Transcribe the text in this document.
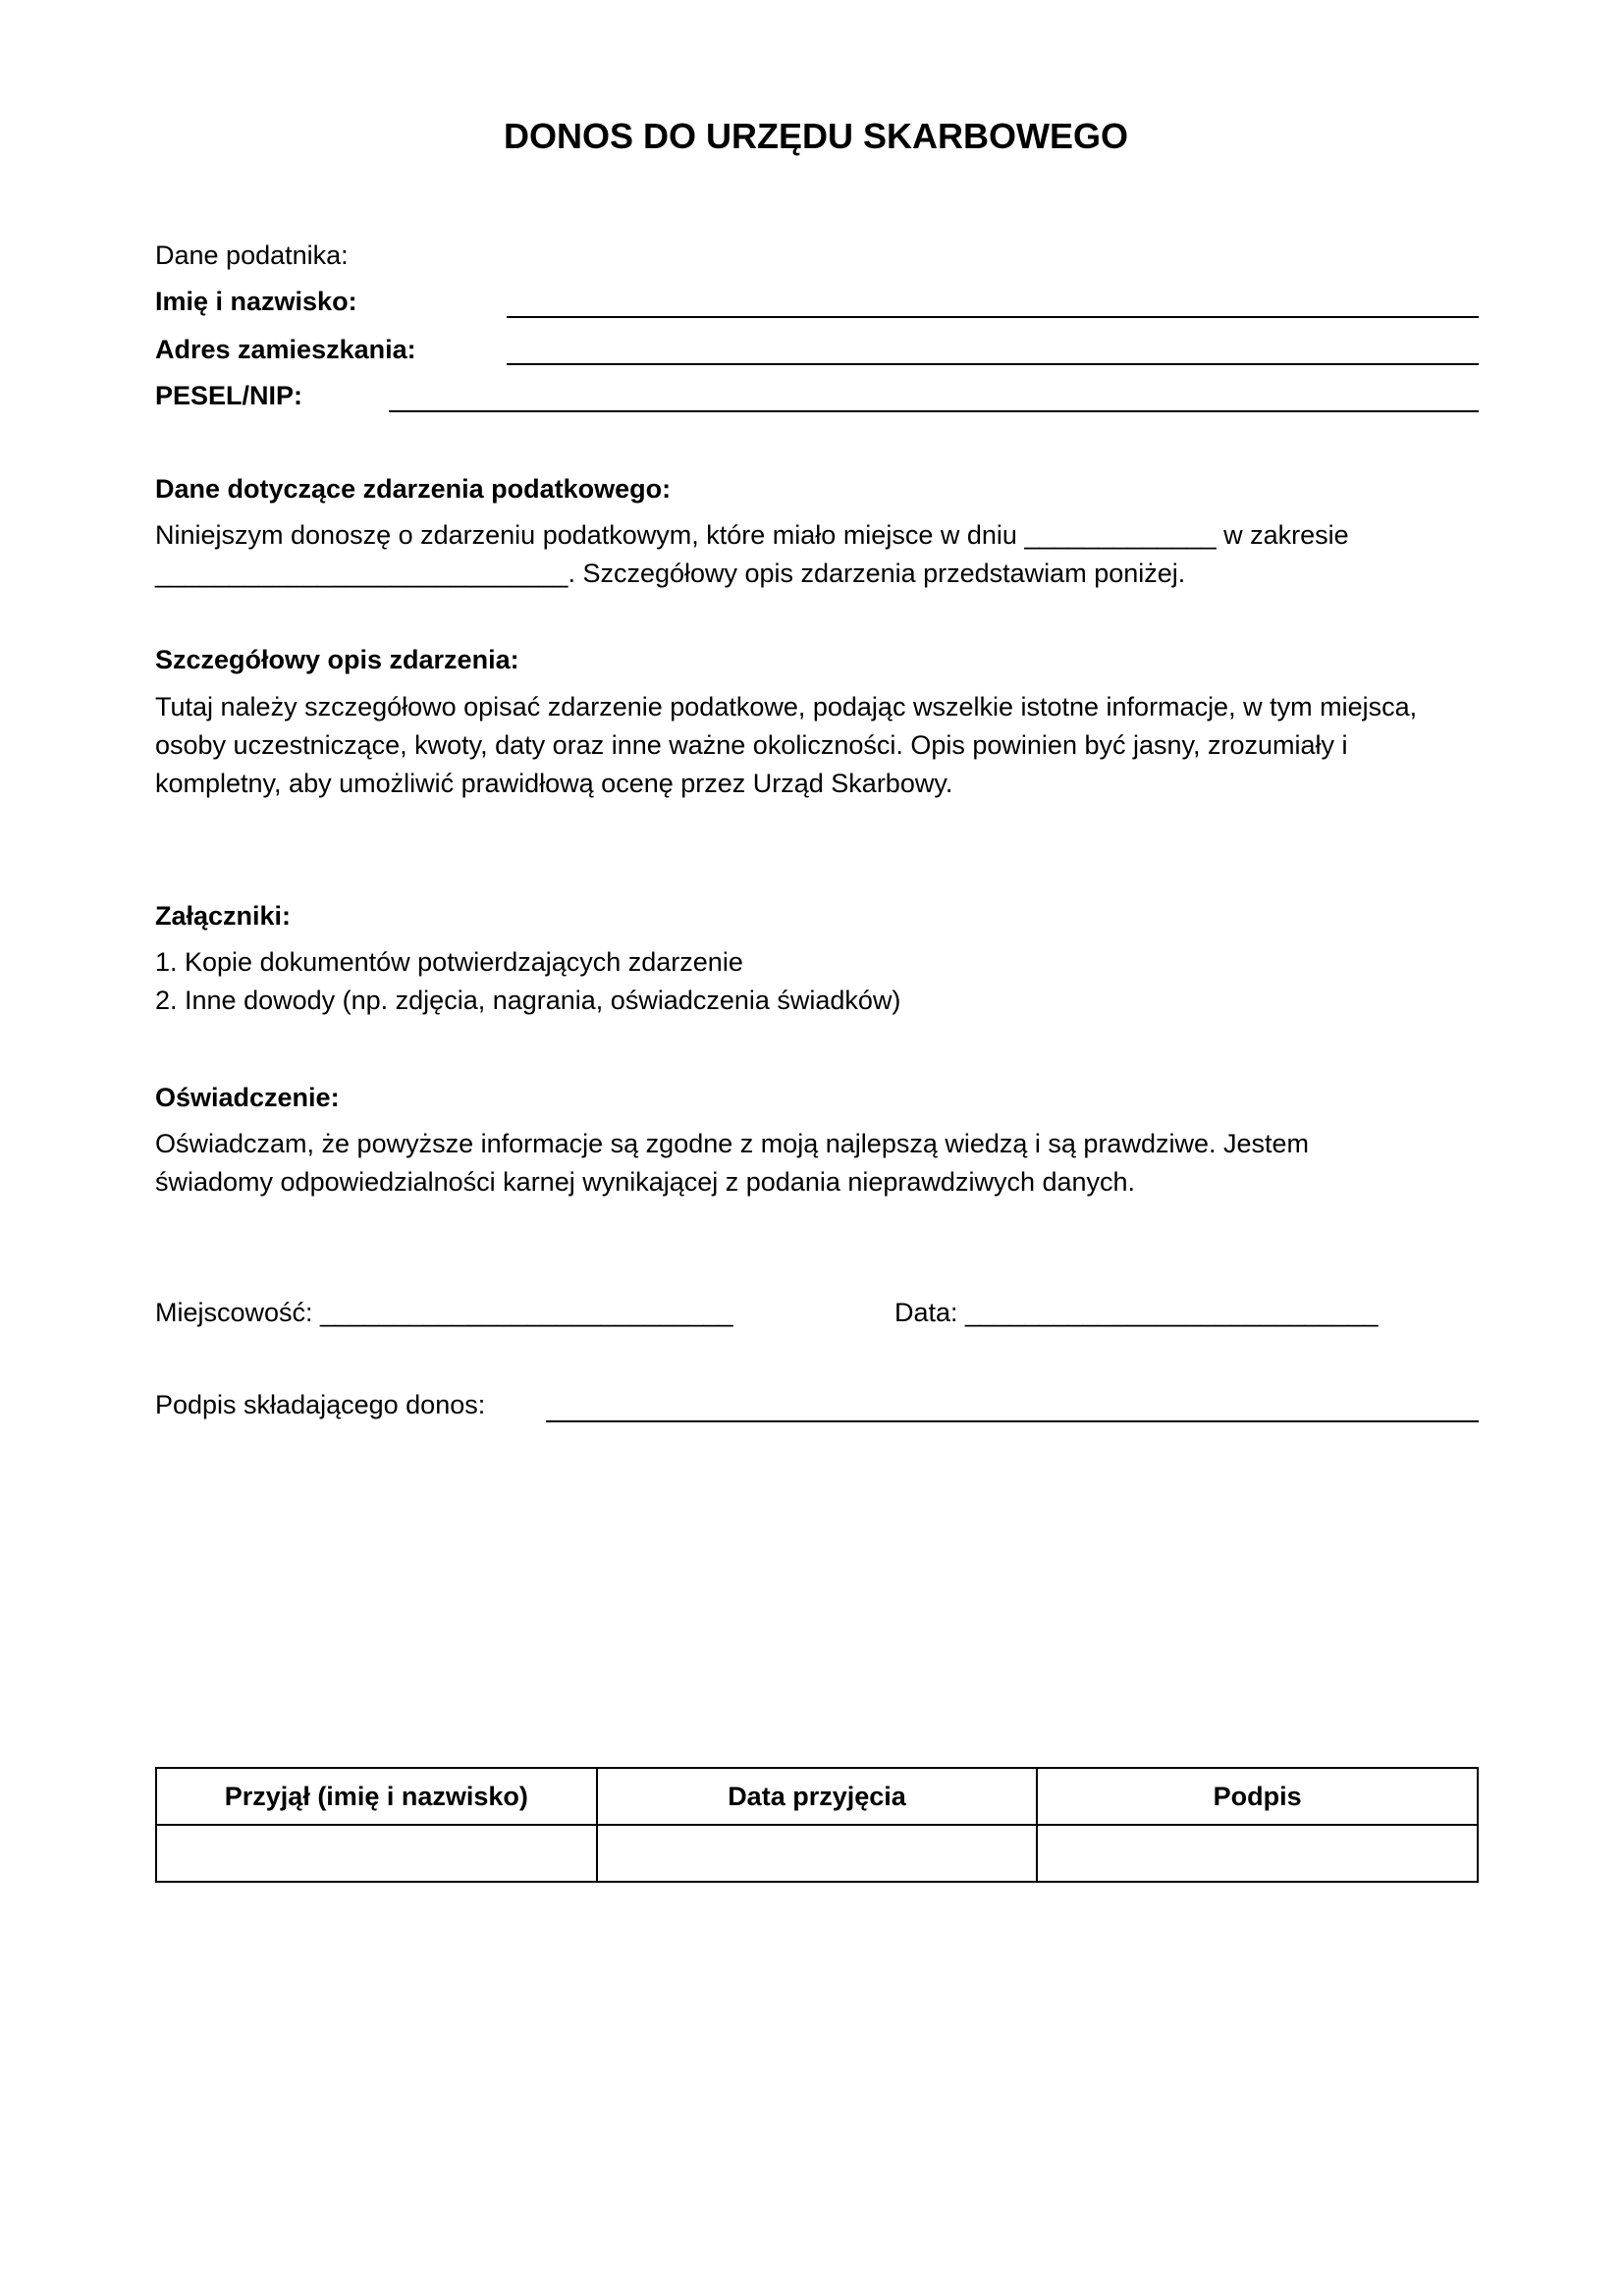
DONOS DO URZĘDU SKARBOWEGO
Dane podatnika:
Imię i nazwisko:
Adres zamieszkania:
PESEL/NIP:
Dane dotyczące zdarzenia podatkowego:
Niniejszym donoszę o zdarzeniu podatkowym, które miało miejsce w dniu _____________ w zakresie
____________________________. Szczegółowy opis zdarzenia przedstawiam poniżej.
Szczegółowy opis zdarzenia:
Tutaj należy szczegółowo opisać zdarzenie podatkowe, podając wszelkie istotne informacje, w tym miejsca,
osoby uczestniczące, kwoty, daty oraz inne ważne okoliczności. Opis powinien być jasny, zrozumiały i
kompletny, aby umożliwić prawidłową ocenę przez Urząd Skarbowy.
Załączniki:
1. Kopie dokumentów potwierdzających zdarzenie
2. Inne dowody (np. zdjęcia, nagrania, oświadczenia świadków)
Oświadczenie:
Oświadczam, że powyższe informacje są zgodne z moją najlepszą wiedzą i są prawdziwe. Jestem
świadomy odpowiedzialności karnej wynikającej z podania nieprawdziwych danych.
Miejscowość: ____________________________	Data: ____________________________
Podpis składającego donos:
Przyjął (imię i nazwisko)	Data przyjęcia	Podpis
